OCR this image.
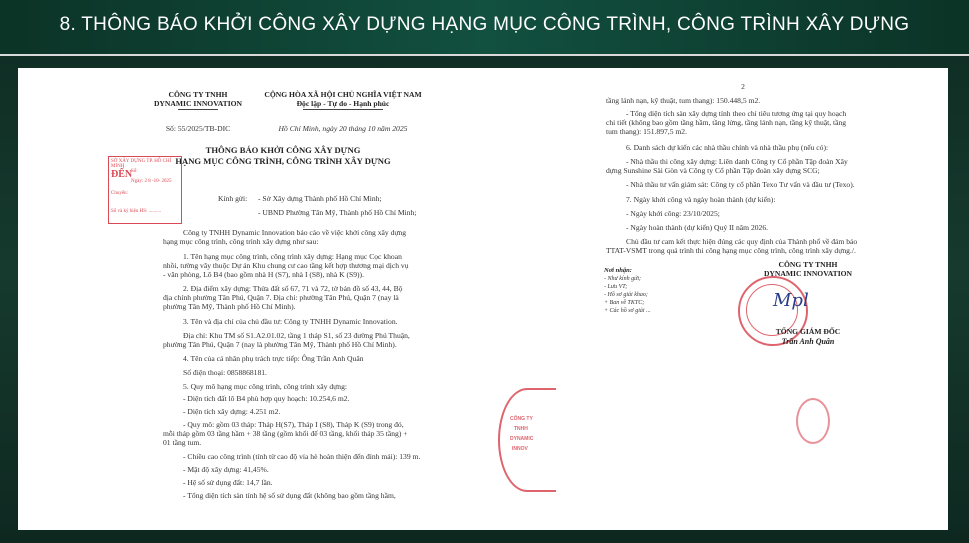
8. THÔNG BÁO KHỞI CÔNG XÂY DỰNG HẠNG MỤC CÔNG TRÌNH, CÔNG TRÌNH XÂY DỰNG
CÔNG TY TNHH
DYNAMIC INNOVATION
Số: 55/2025/TB-DIC
CỘNG HÒA XÃ HỘI CHỦ NGHĨA VIỆT NAM
Độc lập - Tự do - Hạnh phúc
Hồ Chí Minh, ngày 20 tháng 10 năm 2025
THÔNG BÁO KHỞI CÔNG XÂY DỰNG
HẠNG MỤC CÔNG TRÌNH, CÔNG TRÌNH XÂY DỰNG
SỞ XÂY DỰNG TP. HỒ CHÍ MINH
ĐẾN
Số:
Ngày: 2 8 -10- 2025
Chuyển:
Số và ký hiệu HS: ..........
Kính gửi: - Sở Xây dựng Thành phố Hồ Chí Minh;
- UBND Phường Tân Mỹ, Thành phố Hồ Chí Minh;
Công ty TNHH Dynamic Innovation báo cáo về việc khởi công xây dựng
hạng mục công trình, công trình xây dựng như sau:
1. Tên hạng mục công trình, công trình xây dựng: Hạng mục Cọc khoan
nhồi, tường vây thuộc Dự án Khu chung cư cao tầng kết hợp thương mại dịch vụ
- văn phòng, Lô B4 (bao gồm nhà H (S7), nhà I (S8), nhà K (S9)).
2. Địa điểm xây dựng: Thửa đất số 67, 71 và 72, tờ bản đồ số 43, 44, Bộ
địa chính phường Tân Phú, Quận 7. Địa chỉ: phường Tân Phú, Quận 7 (nay là
phường Tân Mỹ, Thành phố Hồ Chí Minh).
3. Tên và địa chỉ của chủ đầu tư: Công ty TNHH Dynamic Innovation.
Địa chỉ: Khu TM số S1.A2.01.02, tầng 1 tháp S1, số 23 đường Phú Thuận,
phường Tân Phú, Quận 7 (nay là phường Tân Mỹ, Thành phố Hồ Chí Minh).
4. Tên của cá nhân phụ trách trực tiếp: Ông Trần Anh Quân
Số điện thoại: 0858868181.
5. Quy mô hạng mục công trình, công trình xây dựng:
- Diện tích đất lô B4 phù hợp quy hoạch: 10.254,6 m2.
- Diện tích xây dựng: 4.251 m2.
- Quy mô: gồm 03 tháp: Tháp H(S7), Tháp I (S8), Tháp K (S9) trong đó,
mỗi tháp gồm 03 tầng hầm + 38 tầng (gồm khối đế 03 tầng, khối tháp 35 tầng) +
01 tầng tum.
- Chiều cao công trình (tính từ cao độ vỉa hè hoàn thiện đến đỉnh mái): 139 m.
- Mật độ xây dựng: 41,45%.
- Hệ số sử dụng đất: 14,7 lần.
- Tổng diện tích sàn tính hệ số sử dụng đất (không bao gồm tầng hầm,
CÔNG TY
TNHH
DYNAMIC
INNOV
2
tầng lánh nạn, kỹ thuật, tum thang): 150.448,5 m2.
- Tổng diện tích sàn xây dựng tính theo chỉ tiêu tương ứng tại quy hoạch
chi tiết (không bao gồm tầng hầm, tầng lửng, tầng lánh nạn, tầng kỹ thuật, tầng
tum thang): 151.897,5 m2.
6. Danh sách dự kiến các nhà thầu chính và nhà thầu phụ (nếu có):
- Nhà thầu thi công xây dựng: Liên danh Công ty Cổ phần Tập đoàn Xây
dựng Sunshine Sài Gòn và Công ty Cổ phần Tập đoàn xây dựng SCG;
- Nhà thầu tư vấn giám sát: Công ty cổ phần Texo Tư vấn và đầu tư (Texo).
7. Ngày khởi công và ngày hoàn thành (dự kiến):
- Ngày khởi công: 23/10/2025;
- Ngày hoàn thành (dự kiến) Quý II năm 2026.
Chủ đầu tư cam kết thực hiện đúng các quy định của Thành phố về đảm bảo
TTAT-VSMT trong quá trình thi công hạng mục công trình, công trình xây dựng./.
CÔNG TY TNHH
DYNAMIC INNOVATION
Nơi nhận:
- Như kính gửi;
- Lưu VT;
- Hồ sơ giải khao;
+ Ban về TKTC;
+ Các hồ sơ giải ...	Mpl
TỔNG GIÁM ĐỐC
Trần Anh Quân
